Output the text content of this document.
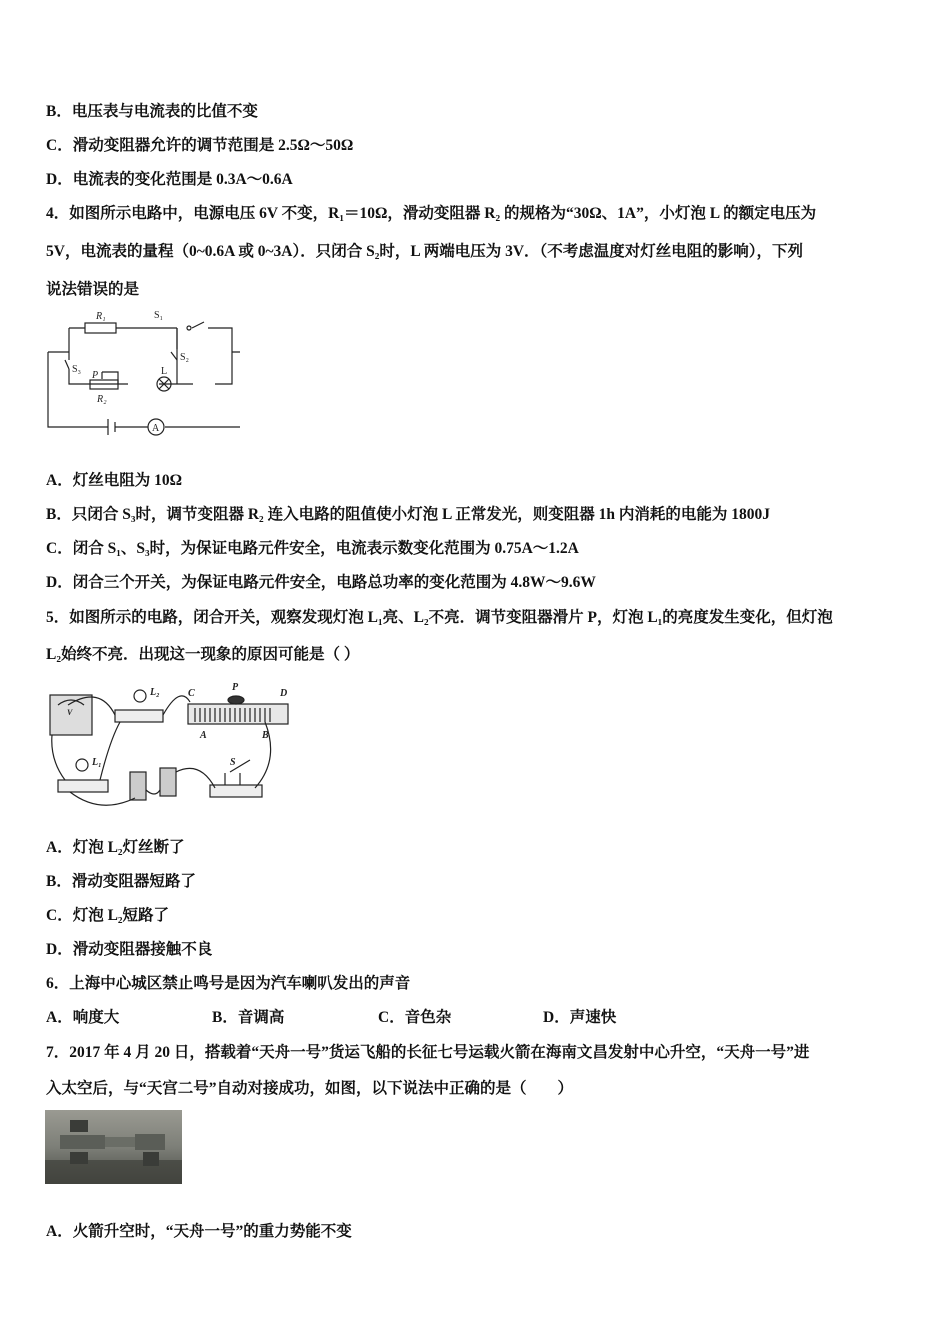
B．电压表与电流表的比值不变
C．滑动变阻器允许的调节范围是 2.5Ω～50Ω
D．电流表的变化范围是 0.3A～0.6A
4．如图所示电路中，电源电压 6V 不变，R₁＝10Ω，滑动变阻器 R₂ 的规格为“30Ω、1A”，小灯泡 L 的额定电压为
5V，电流表的量程（0~0.6A 或 0~3A）．只闭合 S₂时，L 两端电压为 3V．（不考虑温度对灯丝电阻的影响），下列
说法错误的是
R₁
R₂
P
S₁
S₂
S₃	L
A
A．灯丝电阻为 10Ω
B．只闭合 S₃时，调节变阻器 R₂ 连入电路的阻值使小灯泡 L 正常发光，则变阻器 1h 内消耗的电能为 1800J
C．闭合 S₁、S₃时，为保证电路元件安全，电流表示数变化范围为 0.75A～1.2A
D．闭合三个开关，为保证电路元件安全，电路总功率的变化范围为 4.8W～9.6W
5．如图所示的电路，闭合开关，观察发现灯泡 L₁亮、L₂不亮．调节变阻器滑片 P，灯泡 L₁的亮度发生变化，但灯泡
L₂始终不亮．出现这一现象的原因可能是（ ）
L₂
L₁
C
P
D
A	B
S
V
A．灯泡 L₂灯丝断了
B．滑动变阻器短路了
C．灯泡 L₂短路了
D．滑动变阻器接触不良
6．上海中心城区禁止鸣号是因为汽车喇叭发出的声音
A．响度大	B．音调高	C．音色杂	D．声速快
7．2017 年 4 月 20 日，搭载着“天舟一号”货运飞船的长征七号运载火箭在海南文昌发射中心升空，“天舟一号”进
入太空后，与“天宫二号”自动对接成功，如图，以下说法中正确的是（　　）
A．火箭升空时，“天舟一号”的重力势能不变
